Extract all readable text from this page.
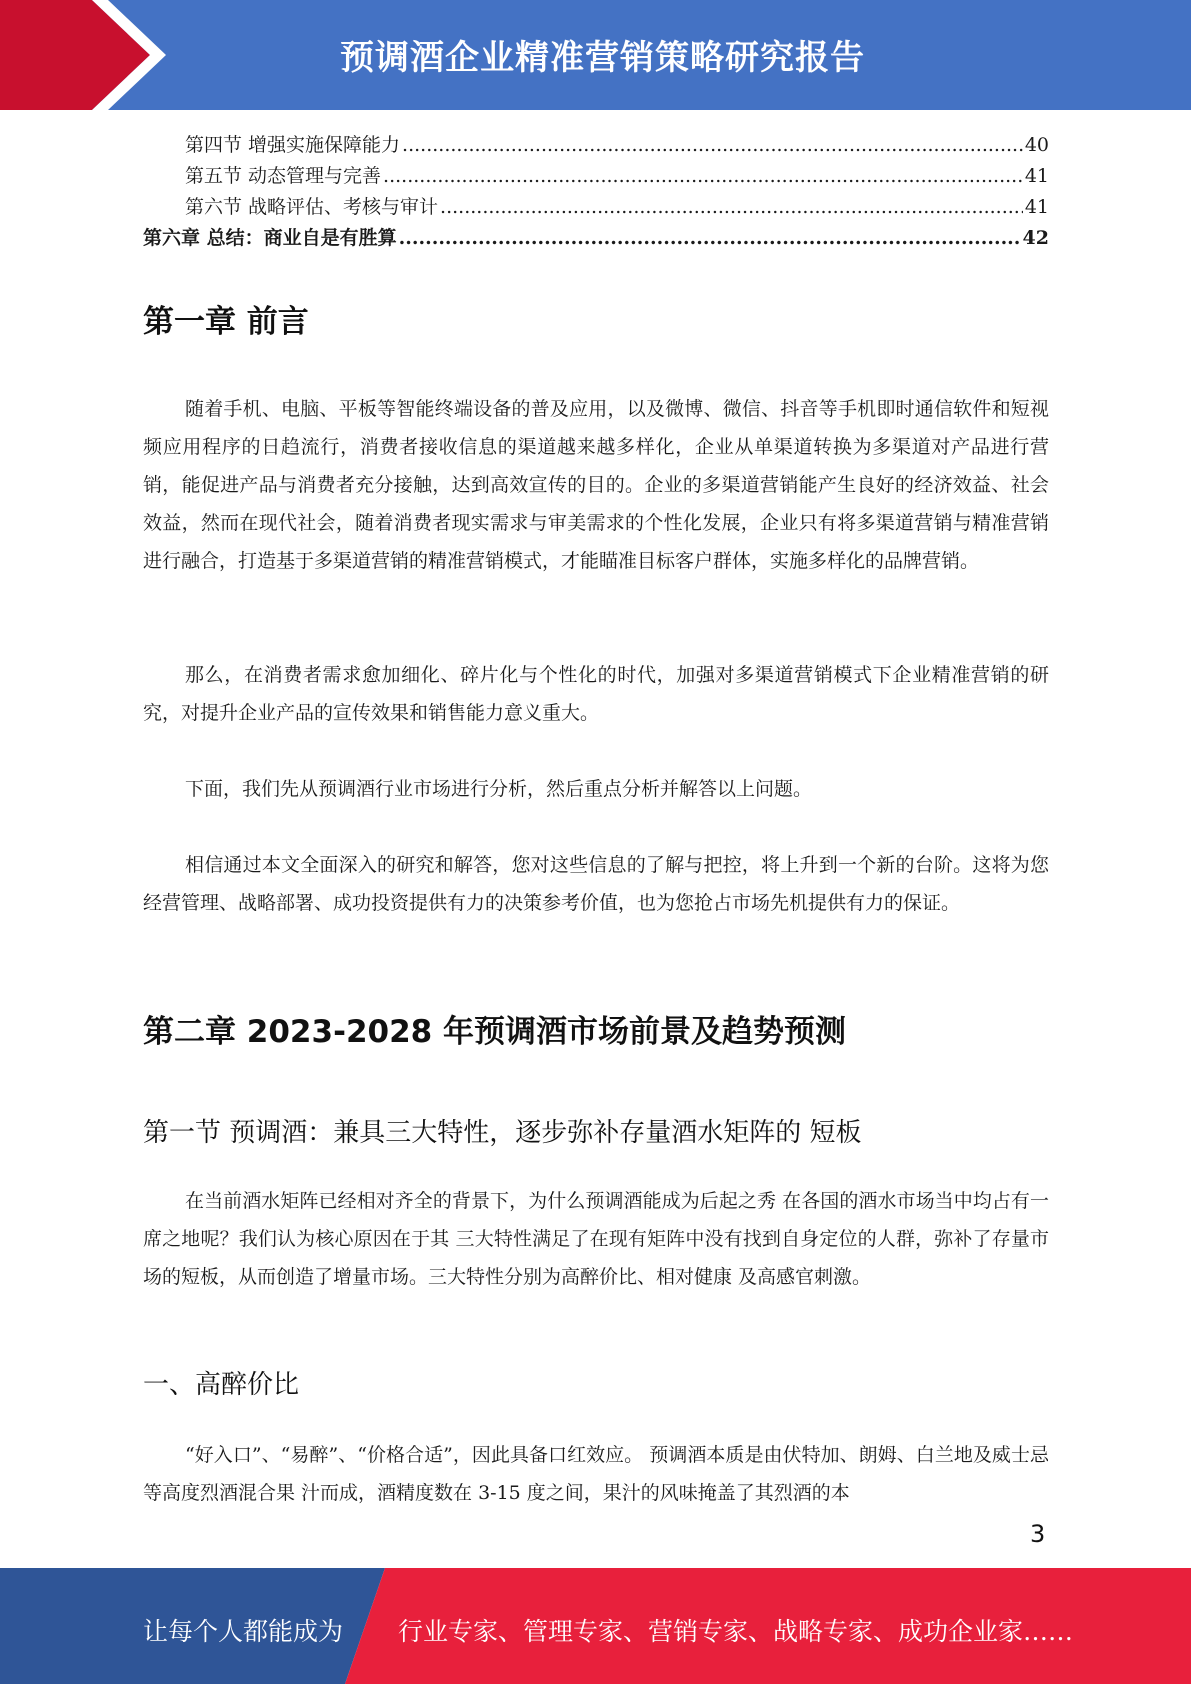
预调酒企业精准营销策略研究报告
第四节 增强实施保障能力 .....	40
第五节 动态管理与完善 .....	41
第六节 战略评估、考核与审计 .....	41
第六章 总结：商业自是有胜算 .....	42
第一章 前言

随着手机、电脑、平板等智能终端设备的普及应用，以及微博、微信、抖音等手机即时通信软件和短视频应用程序的日趋流行，消费者接收信息的渠道越来越多样化，企业从单渠道转换为多渠道对产品进行营销，能促进产品与消费者充分接触，达到高效宣传的目的。企业的多渠道营销能产生良好的经济效益、社会效益，然而在现代社会，随着消费者现实需求与审美需求的个性化发展，企业只有将多渠道营销与精准营销进行融合，打造基于多渠道营销的精准营销模式，才能瞄准目标客户群体，实施多样化的品牌营销。

那么，在消费者需求愈加细化、碎片化与个性化的时代，加强对多渠道营销模式下企业精准营销的研究，对提升企业产品的宣传效果和销售能力意义重大。

下面，我们先从预调酒行业市场进行分析，然后重点分析并解答以上问题。

相信通过本文全面深入的研究和解答，您对这些信息的了解与把控，将上升到一个新的台阶。这将为您经营管理、战略部署、成功投资提供有力的决策参考价值，也为您抢占市场先机提供有力的保证。

第二章 2023-2028 年预调酒市场前景及趋势预测
第一节 预调酒：兼具三大特性，逐步弥补存量酒水矩阵的 短板

在当前酒水矩阵已经相对齐全的背景下，为什么预调酒能成为后起之秀 在各国的酒水市场当中均占有一席之地呢？我们认为核心原因在于其 三大特性满足了在现有矩阵中没有找到自身定位的人群，弥补了存量市 场的短板，从而创造了增量市场。三大特性分别为高醉价比、相对健康 及高感官刺激。

一、高醉价比

“好入口”、“易醉”、“价格合适”，因此具备口红效应。 预调酒本质是由伏特加、朗姆、白兰地及威士忌等高度烈酒混合果 汁而成，酒精度数在 3-15 度之间，果汁的风味掩盖了其烈酒的本

3
让每个人都能成为 行业专家、管理专家、营销专家、战略专家、成功企业家……
